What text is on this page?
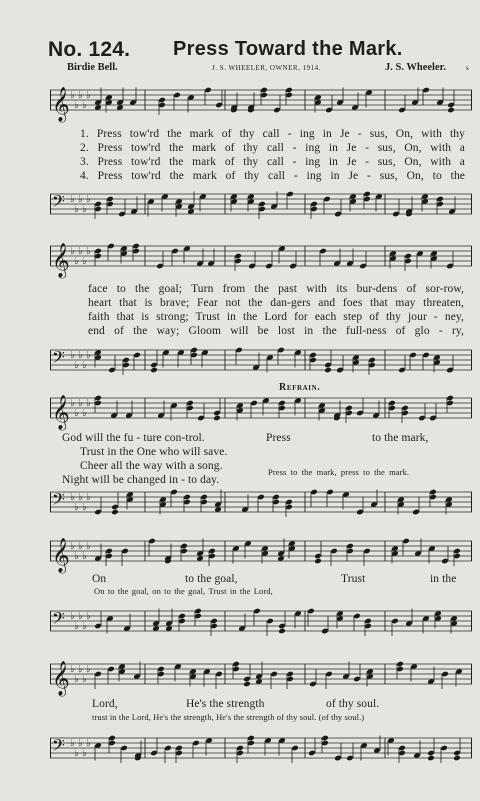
No. 124. Press Toward the Mark.
Birdie Bell.	J. S. WHEELER, OWNER, 1914.	J. S. Wheeler.	s
𝄞 ♭
♭
♭
♭
♭
1. Press tow'rd the mark of thy call - ing in Je - sus, On, with thy
2. Press tow'rd the mark of thy call - ing in Je - sus, On, with a
3. Press tow'rd the mark of thy call - ing in Je - sus, On, with a
4. Press tow'rd the mark of thy call - ing in Je - sus, On, to the
𝄢 ♭
♭
♭
♭
♭
𝄞 ♭
♭
♭
♭
♭
face to the goal; Turn from the past with its bur-dens of sor-row,
heart that is brave; Fear not the dan-gers and foes that may threaten,
faith that is strong; Trust in the Lord for each step of thy jour - ney,
end of the way; Gloom will be lost in the full-ness of glo - ry,
𝄢 ♭
♭
♭
♭
♭
Refrain.
𝄞 ♭
♭
♭
♭
♭
God will the fu - ture con-trol.
Trust in the One who will save.
Cheer all the way with a song.
Night will be changed in - to day.
Press	to the mark,
Press to the mark, press to the mark.
𝄢 ♭
♭
♭
♭
♭
𝄞 ♭
♭
♭
♭
♭
On	to the goal,	Trust	in the
On to the goal, on to the goal, Trust in the Lord,
𝄢 ♭
♭
♭
♭
♭
𝄞 ♭
♭
♭
♭
♭
Lord,	He's the strength	of thy soul.
trust in the Lord, He's the strength, He's the strength of thy soul. (of thy soul.)
𝄢 ♭
♭
♭
♭
♭
